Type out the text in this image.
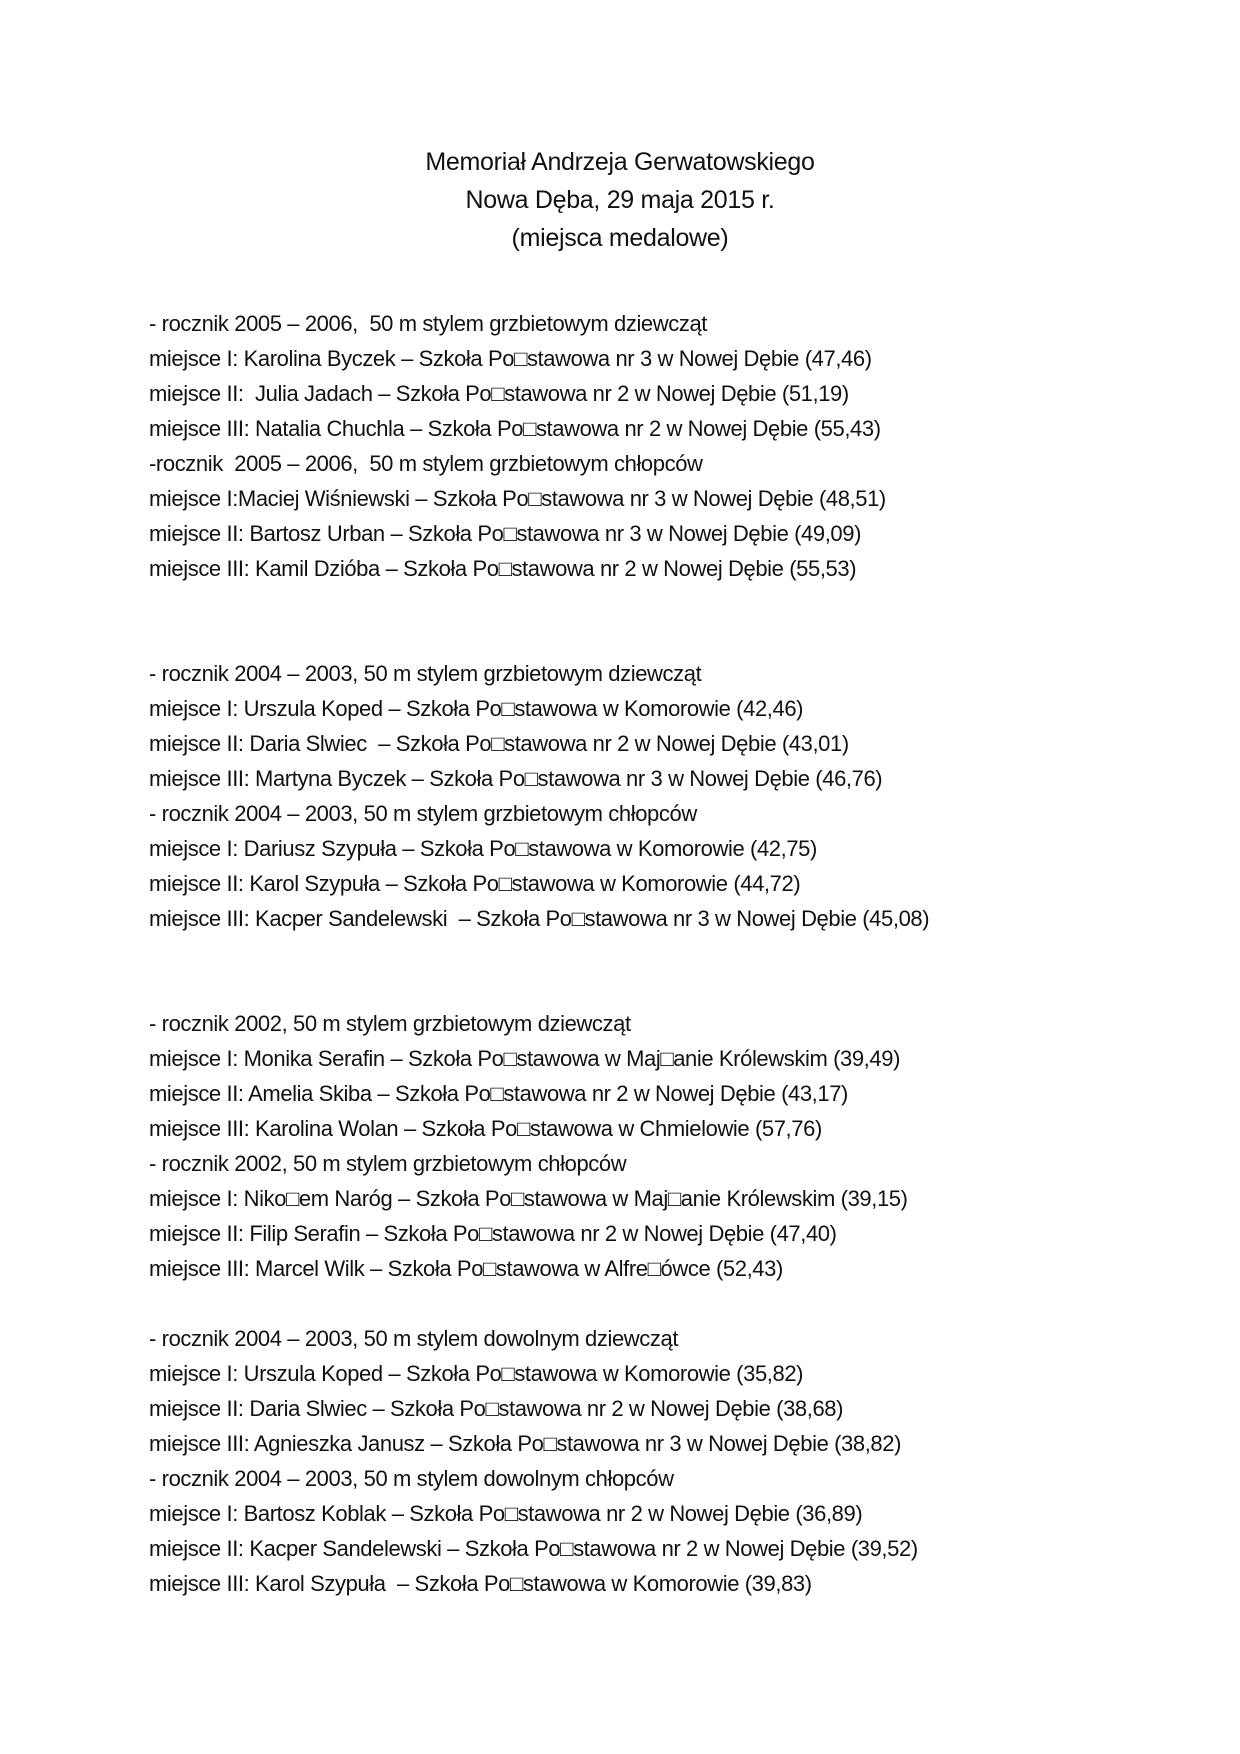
Memoriał Andrzeja Gerwatowskiego
Nowa Dęba, 29 maja 2015 r.
(miejsca medalowe)
- rocznik 2005 – 2006,  50 m stylem grzbietowym dziewcząt
miejsce I: Karolina Byczek – Szkoła Po□stawowa nr 3 w Nowej Dębie (47,46)
miejsce II:  Julia Jadach – Szkoła Po□stawowa nr 2 w Nowej Dębie (51,19)
miejsce III: Natalia Chuchla – Szkoła Po□stawowa nr 2 w Nowej Dębie (55,43)
-rocznik  2005 – 2006,  50 m stylem grzbietowym chłopców
miejsce I:Maciej Wiśniewski – Szkoła Po□stawowa nr 3 w Nowej Dębie (48,51)
miejsce II: Bartosz Urban – Szkoła Po□stawowa nr 3 w Nowej Dębie (49,09)
miejsce III: Kamil Dzióba – Szkoła Po□stawowa nr 2 w Nowej Dębie (55,53)
- rocznik 2004 – 2003, 50 m stylem grzbietowym dziewcząt
miejsce I: Urszula Koped – Szkoła Po□stawowa w Komorowie (42,46)
miejsce II: Daria Slwiec  – Szkoła Po□stawowa nr 2 w Nowej Dębie (43,01)
miejsce III: Martyna Byczek – Szkoła Po□stawowa nr 3 w Nowej Dębie (46,76)
- rocznik 2004 – 2003, 50 m stylem grzbietowym chłopców
miejsce I: Dariusz Szypuła – Szkoła Po□stawowa w Komorowie (42,75)
miejsce II: Karol Szypuła – Szkoła Po□stawowa w Komorowie (44,72)
miejsce III: Kacper Sandelewski  – Szkoła Po□stawowa nr 3 w Nowej Dębie (45,08)
- rocznik 2002, 50 m stylem grzbietowym dziewcząt
miejsce I: Monika Serafin – Szkoła Po□stawowa w Maj□anie Królewskim (39,49)
miejsce II: Amelia Skiba – Szkoła Po□stawowa nr 2 w Nowej Dębie (43,17)
miejsce III: Karolina Wolan – Szkoła Po□stawowa w Chmielowie (57,76)
- rocznik 2002, 50 m stylem grzbietowym chłopców
miejsce I: Niko□em Naróg – Szkoła Po□stawowa w Maj□anie Królewskim (39,15)
miejsce II: Filip Serafin – Szkoła Po□stawowa nr 2 w Nowej Dębie (47,40)
miejsce III: Marcel Wilk – Szkoła Po□stawowa w Alfre□ówce (52,43)
- rocznik 2004 – 2003, 50 m stylem dowolnym dziewcząt
miejsce I: Urszula Koped – Szkoła Po□stawowa w Komorowie (35,82)
miejsce II: Daria Slwiec – Szkoła Po□stawowa nr 2 w Nowej Dębie (38,68)
miejsce III: Agnieszka Janusz – Szkoła Po□stawowa nr 3 w Nowej Dębie (38,82)
- rocznik 2004 – 2003, 50 m stylem dowolnym chłopców
miejsce I: Bartosz Koblak – Szkoła Po□stawowa nr 2 w Nowej Dębie (36,89)
miejsce II: Kacper Sandelewski – Szkoła Po□stawowa nr 2 w Nowej Dębie (39,52)
miejsce III: Karol Szypuła  – Szkoła Po□stawowa w Komorowie (39,83)
